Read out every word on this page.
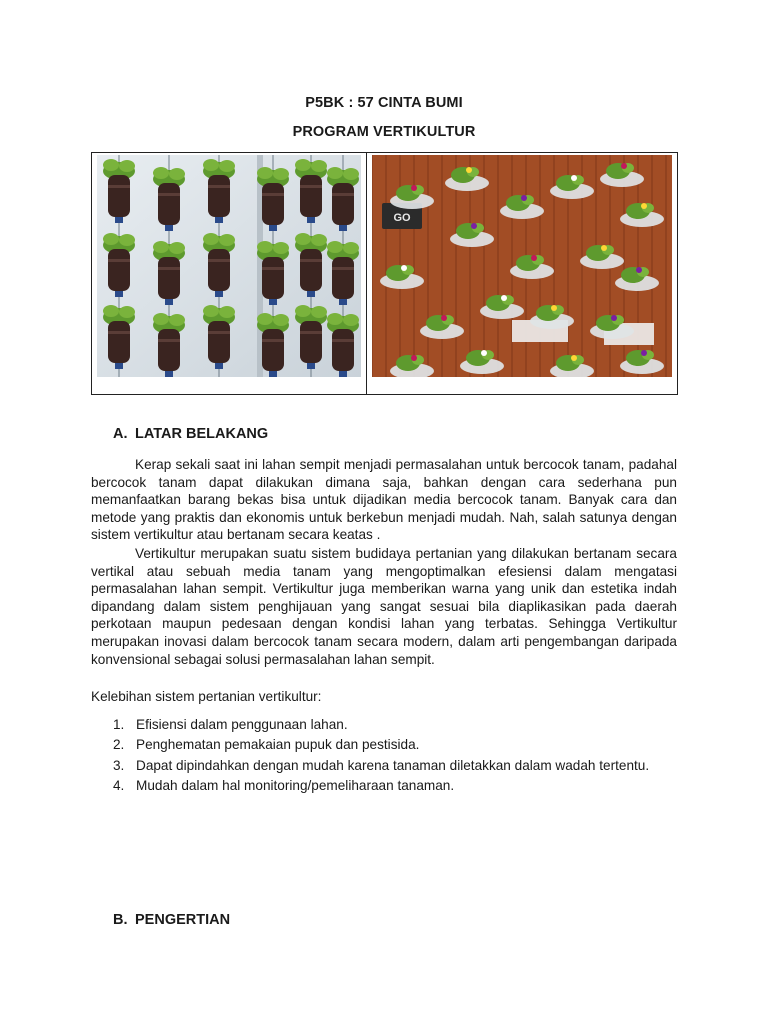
P5BK : 57 CINTA BUMI
PROGRAM VERTIKULTUR
GO
A. LATAR BELAKANG
Kerap sekali saat ini lahan sempit menjadi permasalahan untuk bercocok tanam, padahal bercocok tanam dapat dilakukan dimana saja, bahkan dengan cara sederhana pun memanfaatkan barang bekas bisa untuk dijadikan media bercocok tanam. Banyak cara dan metode yang praktis dan ekonomis untuk berkebun menjadi mudah. Nah, salah satunya dengan sistem vertikultur atau bertanam secara keatas .
Vertikultur merupakan suatu sistem budidaya pertanian yang dilakukan bertanam secara vertikal atau sebuah media tanam yang mengoptimalkan efesiensi dalam mengatasi permasalahan lahan sempit. Vertikultur juga memberikan warna yang unik dan estetika indah dipandang dalam sistem penghijauan yang sangat sesuai bila diaplikasikan pada daerah perkotaan maupun pedesaan dengan kondisi lahan yang terbatas. Sehingga Vertikultur merupakan inovasi dalam bercocok tanam secara modern, dalam arti pengembangan daripada konvensional sebagai solusi permasalahan lahan sempit.
Kelebihan sistem pertanian vertikultur:
1. Efisiensi dalam penggunaan lahan.
2. Penghematan pemakaian pupuk dan pestisida.
3. Dapat dipindahkan dengan mudah karena tanaman diletakkan dalam wadah tertentu.
4. Mudah dalam hal monitoring/pemeliharaan tanaman.
B. PENGERTIAN
